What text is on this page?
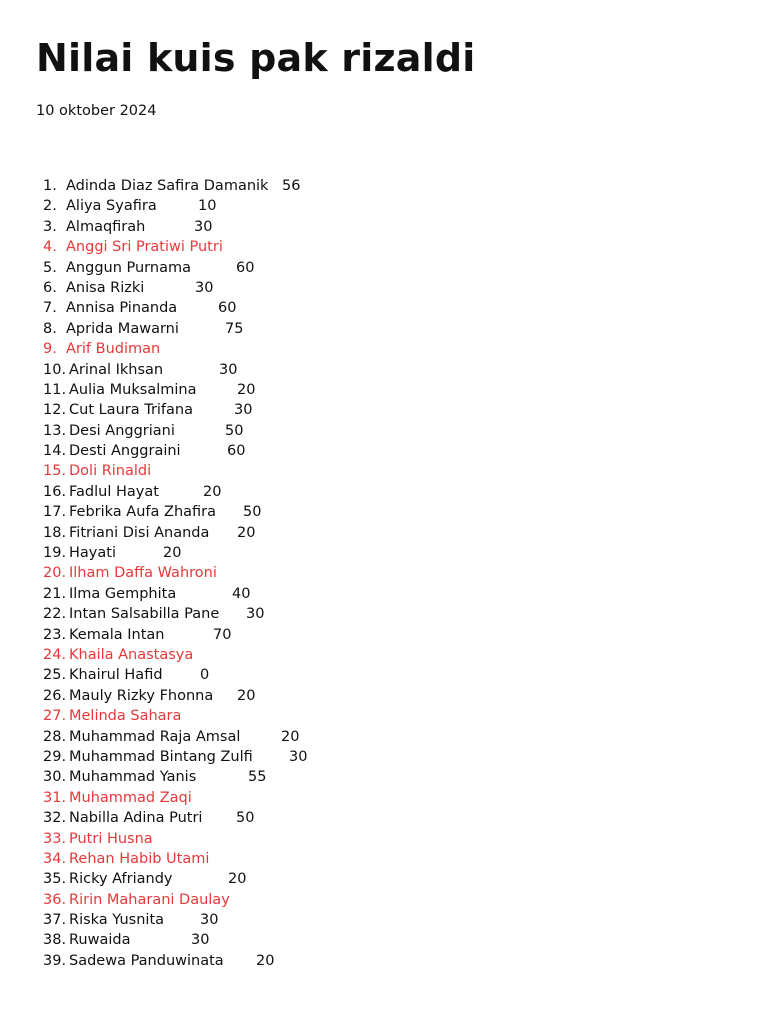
Nilai kuis pak rizaldi
10 oktober 2024
1. Adinda Diaz Safira Damanik 56
2. Aliya Syafira	10
3. Almaqfirah	30
4. Anggi Sri Pratiwi Putri
5. Anggun Purnama	60
6. Anisa Rizki	30
7. Annisa Pinanda	60
8. Aprida Mawarni	75
9. Arif Budiman
10. Arinal Ikhsan	30
11. Aulia Muksalmina	20
12. Cut Laura Trifana	30
13. Desi Anggriani	50
14. Desti Anggraini	60
15. Doli Rinaldi
16. Fadlul Hayat	20
17. Febrika Aufa Zhafira 50
18. Fitriani Disi Ananda 20
19. Hayati	20
20. Ilham Daffa Wahroni
21. Ilma Gemphita	40
22. Intan Salsabilla Pane 30
23. Kemala Intan	70
24. Khaila Anastasya
25. Khairul Hafid	0
26. Mauly Rizky Fhonna 20
27. Melinda Sahara
28. Muhammad Raja Amsal	20
29. Muhammad Bintang Zulfi	30
30. Muhammad Yanis	55
31. Muhammad Zaqi
32. Nabilla Adina Putri 50
33. Putri Husna
34. Rehan Habib Utami
35. Ricky Afriandy	20
36. Ririn Maharani Daulay
37. Riska Yusnita 30
38. Ruwaida	30
39. Sadewa Panduwinata 20
